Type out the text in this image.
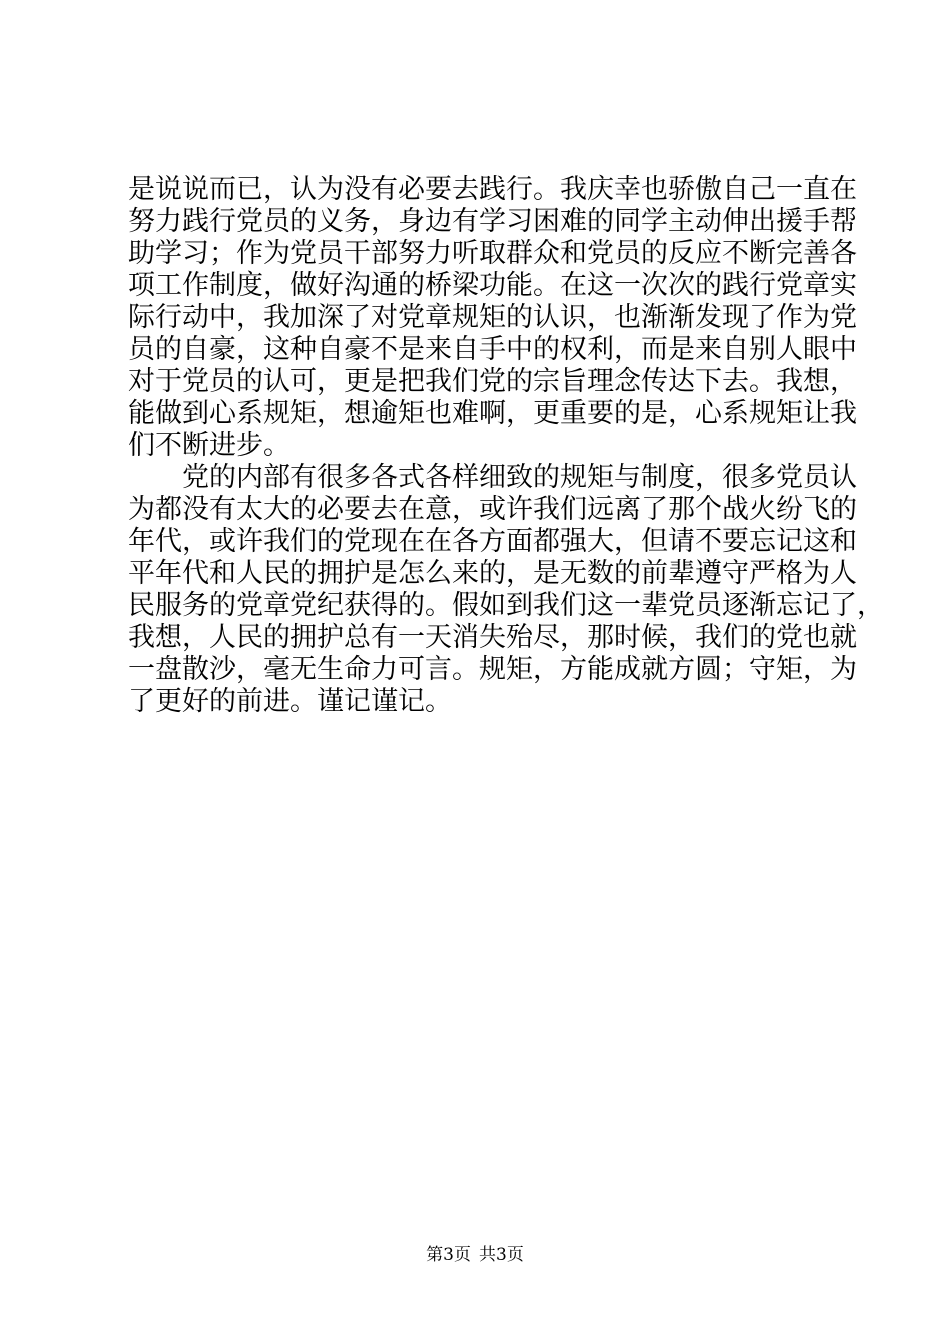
是说说而已，认为没有必要去践行。我庆幸也骄傲自己一直在
努力践行党员的义务，身边有学习困难的同学主动伸出援手帮
助学习；作为党员干部努力听取群众和党员的反应不断完善各
项工作制度，做好沟通的桥梁功能。在这一次次的践行党章实
际行动中，我加深了对党章规矩的认识，也渐渐发现了作为党
员的自豪，这种自豪不是来自手中的权利，而是来自别人眼中
对于党员的认可，更是把我们党的宗旨理念传达下去。我想，
能做到心系规矩，想逾矩也难啊，更重要的是，心系规矩让我
们不断进步。
党的内部有很多各式各样细致的规矩与制度，很多党员认
为都没有太大的必要去在意，或许我们远离了那个战火纷飞的
年代，或许我们的党现在在各方面都强大，但请不要忘记这和
平年代和人民的拥护是怎么来的，是无数的前辈遵守严格为人
民服务的党章党纪获得的。假如到我们这一辈党员逐渐忘记了，
我想，人民的拥护总有一天消失殆尽，那时候，我们的党也就
一盘散沙，毫无生命力可言。规矩，方能成就方圆；守矩，为
了更好的前进。谨记谨记。
第3页 共3页
